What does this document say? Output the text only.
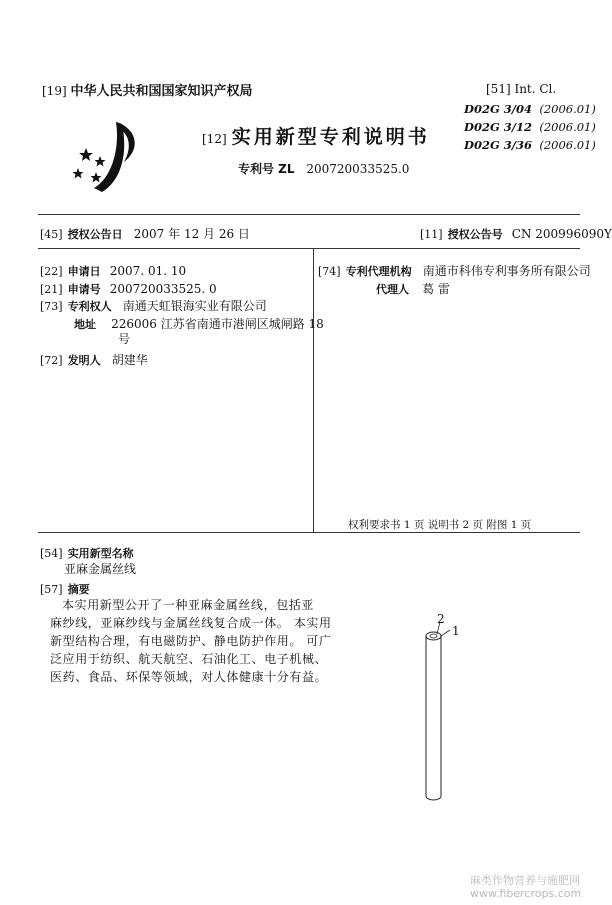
[19] 中华人民共和国国家知识产权局
[12] 实用新型专利说明书
专利号 ZL 200720033525.0
[51] Int. Cl.
D02G 3/04 (2006.01)
D02G 3/12 (2006.01)
D02G 3/36 (2006.01)
[45] 授权公告日 2007 年 12 月 26 日	[11] 授权公告号 CN 200996090Y
[22] 申请日 2007. 01. 10
[21] 申请号 200720033525. 0
[73] 专利权人 南通天虹银海实业有限公司
地址 226006 江苏省南通市港闸区城闸路 18
号
[72] 发明人 胡建华
[74] 专利代理机构 南通市科伟专利事务所有限公司
代理人 葛 雷
权利要求书 1 页 说明书 2 页 附图 1 页
[54] 实用新型名称
亚麻金属丝线
[57] 摘要
本实用新型公开了一种亚麻金属丝线，包括亚
麻纱线，亚麻纱线与金属丝线复合成一体。 本实用
新型结构合理，有电磁防护、静电防护作用。 可广
泛应用于纺织、航天航空、石油化工、电子机械、
医药、食品、环保等领域，对人体健康十分有益。
2
1
麻类作物营养与施肥网
www.fibercrops.com
